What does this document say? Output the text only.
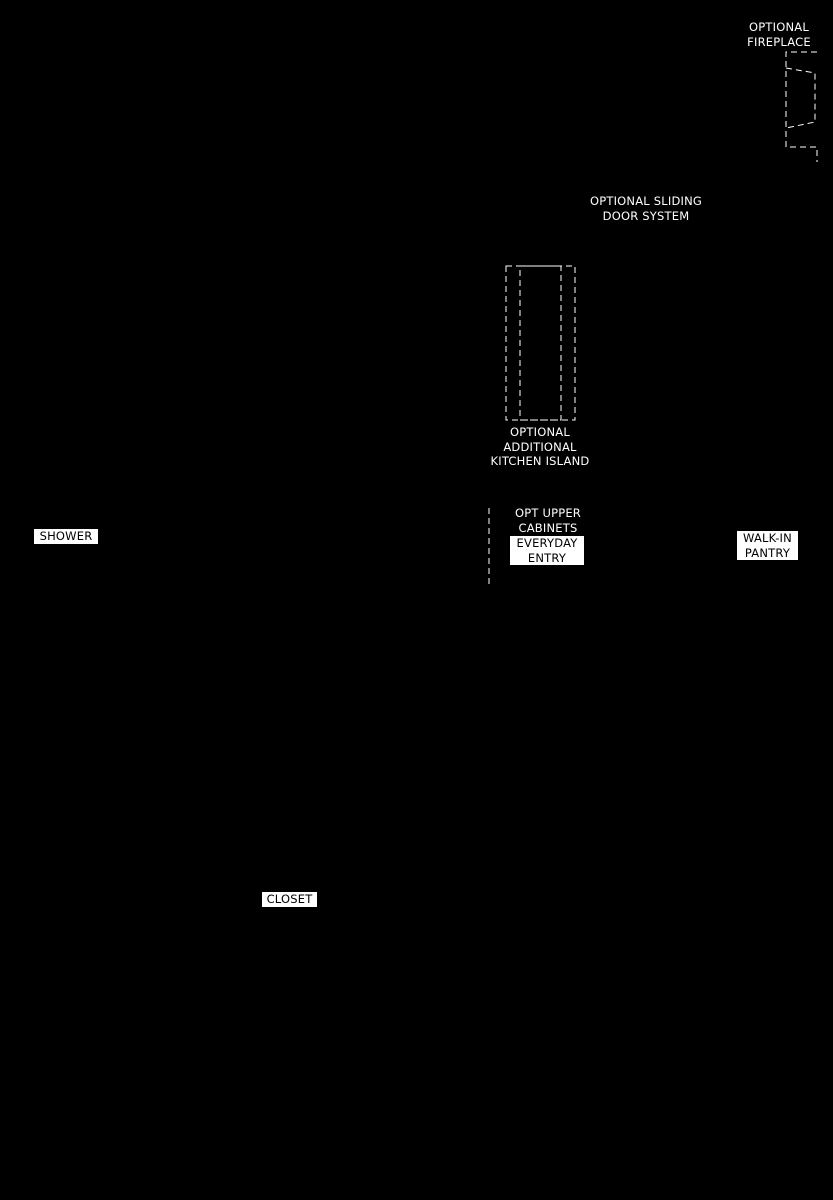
OPTIONAL
FIREPLACE
OPTIONAL SLIDING
DOOR SYSTEM
OPTIONAL
ADDITIONAL
KITCHEN ISLAND
OPT UPPER
CABINETS
EVERYDAY
ENTRY
WALK-IN
PANTRY
SHOWER
CLOSET
